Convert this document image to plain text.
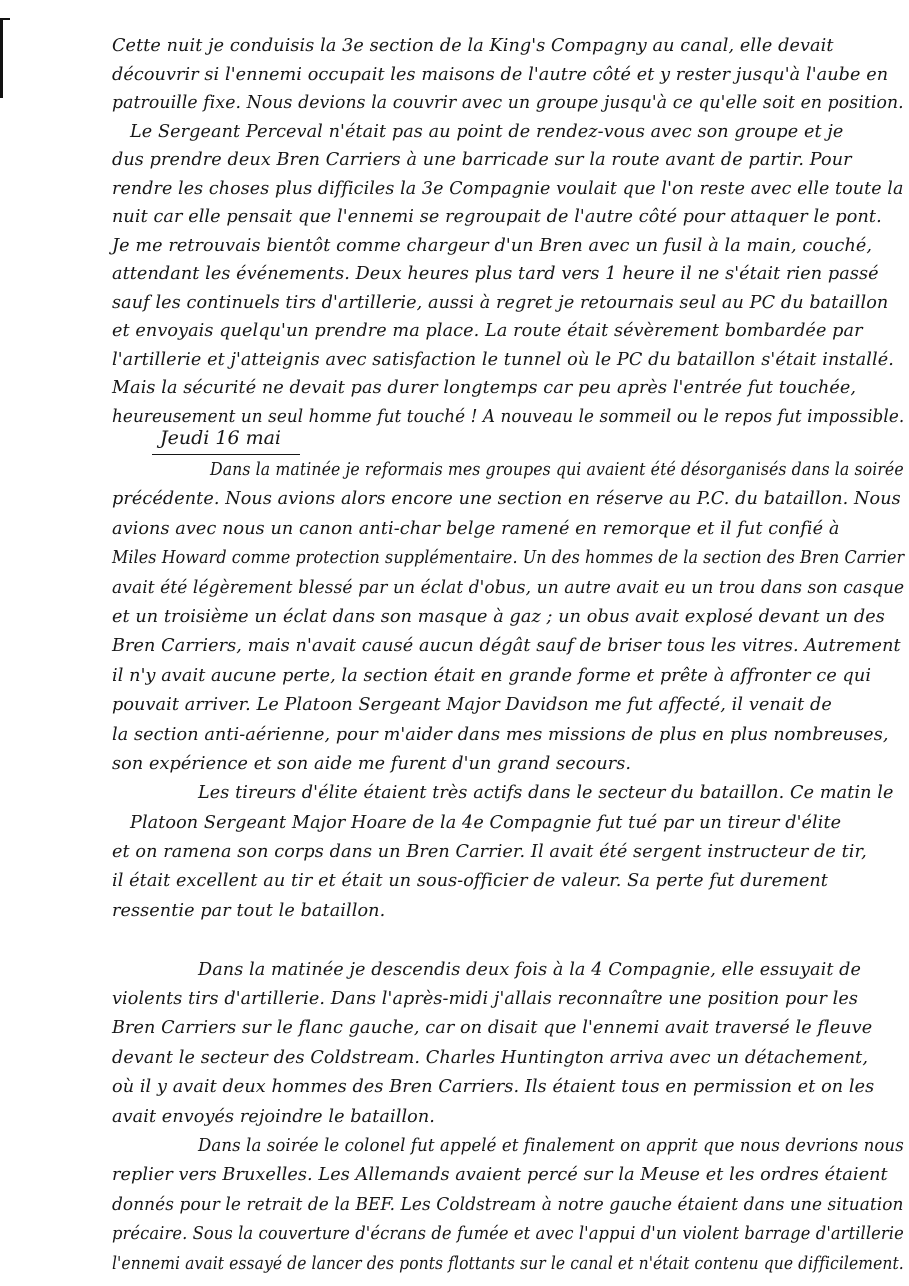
Cette nuit je conduisis la 3e section de la King's Compagny au canal, elle devait
découvrir si l'ennemi occupait les maisons de l'autre côté et y rester jusqu'à l'aube en
patrouille fixe. Nous devions la couvrir avec un groupe jusqu'à ce qu'elle soit en position.
Le Sergeant Perceval n'était pas au point de rendez-vous avec son groupe et je
dus prendre deux Bren Carriers à une barricade sur la route avant de partir. Pour
rendre les choses plus difficiles la 3e Compagnie voulait que l'on reste avec elle toute la
nuit car elle pensait que l'ennemi se regroupait de l'autre côté pour attaquer le pont.
Je me retrouvais bientôt comme chargeur d'un Bren avec un fusil à la main, couché,
attendant les événements. Deux heures plus tard vers 1 heure il ne s'était rien passé
sauf les continuels tirs d'artillerie, aussi à regret je retournais seul au PC du bataillon
et envoyais quelqu'un prendre ma place. La route était sévèrement bombardée par
l'artillerie et j'atteignis avec satisfaction le tunnel où le PC du bataillon s'était installé.
Mais la sécurité ne devait pas durer longtemps car peu après l'entrée fut touchée,
heureusement un seul homme fut touché ! A nouveau le sommeil ou le repos fut impossible.
Jeudi 16 mai
Dans la matinée je reformais mes groupes qui avaient été désorganisés dans la soirée
précédente. Nous avions alors encore une section en réserve au P.C. du bataillon. Nous
avions avec nous un canon anti-char belge ramené en remorque et il fut confié à
Miles Howard comme protection supplémentaire. Un des hommes de la section des Bren Carrier
avait été légèrement blessé par un éclat d'obus, un autre avait eu un trou dans son casque
et un troisième un éclat dans son masque à gaz ; un obus avait explosé devant un des
Bren Carriers, mais n'avait causé aucun dégât sauf de briser tous les vitres. Autrement
il n'y avait aucune perte, la section était en grande forme et prête à affronter ce qui
pouvait arriver. Le Platoon Sergeant Major Davidson me fut affecté, il venait de
la section anti-aérienne, pour m'aider dans mes missions de plus en plus nombreuses,
son expérience et son aide me furent d'un grand secours.
Les tireurs d'élite étaient très actifs dans le secteur du bataillon. Ce matin le
Platoon Sergeant Major Hoare de la 4e Compagnie fut tué par un tireur d'élite
et on ramena son corps dans un Bren Carrier. Il avait été sergent instructeur de tir,
il était excellent au tir et était un sous-officier de valeur. Sa perte fut durement
ressentie par tout le bataillon.
Dans la matinée je descendis deux fois à la 4 Compagnie, elle essuyait de
violents tirs d'artillerie. Dans l'après-midi j'allais reconnaître une position pour les
Bren Carriers sur le flanc gauche, car on disait que l'ennemi avait traversé le fleuve
devant le secteur des Coldstream. Charles Huntington arriva avec un détachement,
où il y avait deux hommes des Bren Carriers. Ils étaient tous en permission et on les
avait envoyés rejoindre le bataillon.
Dans la soirée le colonel fut appelé et finalement on apprit que nous devrions nous
replier vers Bruxelles. Les Allemands avaient percé sur la Meuse et les ordres étaient
donnés pour le retrait de la BEF. Les Coldstream à notre gauche étaient dans une situation
précaire. Sous la couverture d'écrans de fumée et avec l'appui d'un violent barrage d'artillerie
l'ennemi avait essayé de lancer des ponts flottants sur le canal et n'était contenu que difficilement.
